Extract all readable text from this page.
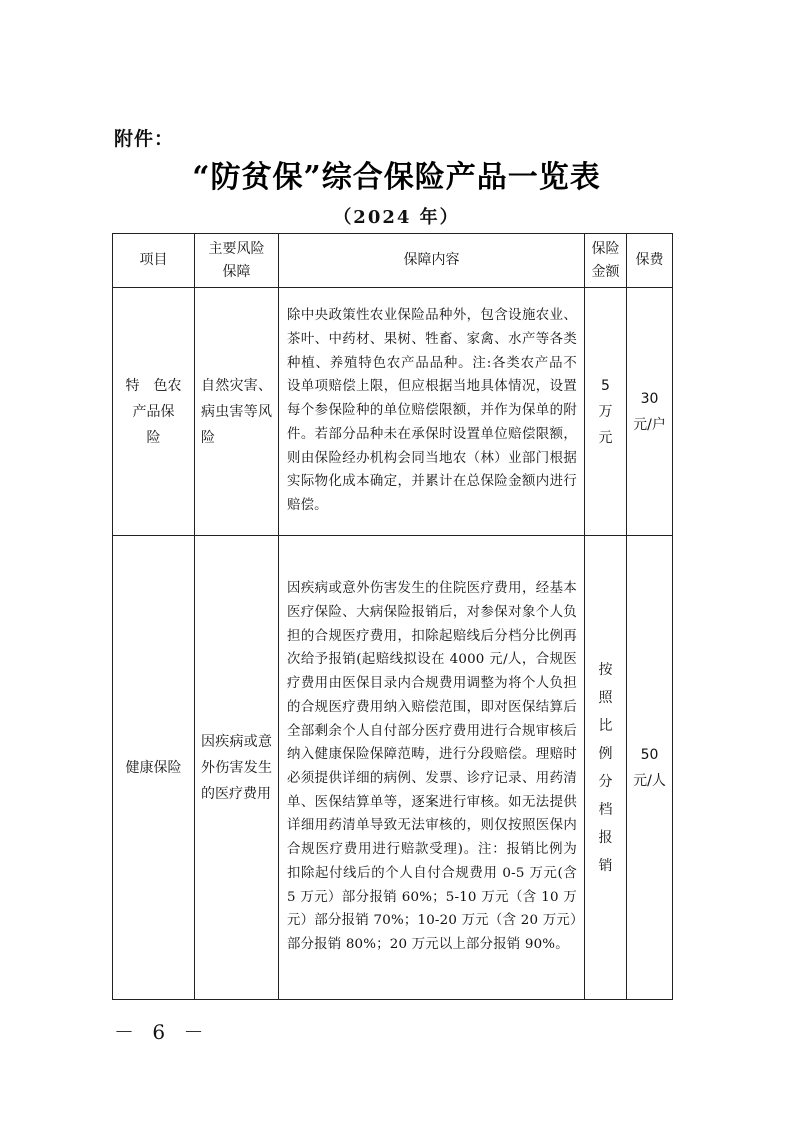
附件：
“防贫保”综合保险产品一览表
（2024 年）
项目	主要风险保障	保障内容	保险金额	保费
特　色农产品保　险	自然灾害、病虫害等风险	除中央政策性农业保险品种外，包含设施农业、茶叶、中药材、果树、牲畜、家禽、水产等各类种植、养殖特色农产品品种。注:各类农产品不设单项赔偿上限，但应根据当地具体情况，设置每个参保险种的单位赔偿限额，并作为保单的附件。若部分品种未在承保时设置单位赔偿限额，则由保险经办机构会同当地农（林）业部门根据实际物化成本确定，并累计在总保险金额内进行赔偿。	5 万元	30 元/户
健康保险	因疾病或意外伤害发生的医疗费用	因疾病或意外伤害发生的住院医疗费用，经基本医疗保险、大病保险报销后，对参保对象个人负担的合规医疗费用，扣除起赔线后分档分比例再次给予报销(起赔线拟设在 4000 元/人，合规医疗费用由医保目录内合规费用调整为将个人负担的合规医疗费用纳入赔偿范围，即对医保结算后全部剩余个人自付部分医疗费用进行合规审核后纳入健康保险保障范畴，进行分段赔偿。理赔时必须提供详细的病例、发票、诊疗记录、用药清单、医保结算单等，逐案进行审核。如无法提供详细用药清单导致无法审核的，则仅按照医保内合规医疗费用进行赔款受理)。注：报销比例为扣除起付线后的个人自付合规费用 0-5 万元(含 5 万元）部分报销 60%；5-10 万元（含 10 万元）部分报销 70%；10-20 万元（含 20 万元）部分报销 80%；20 万元以上部分报销 90%。	按照比例分档报销	50 元/人
－ 6 －
